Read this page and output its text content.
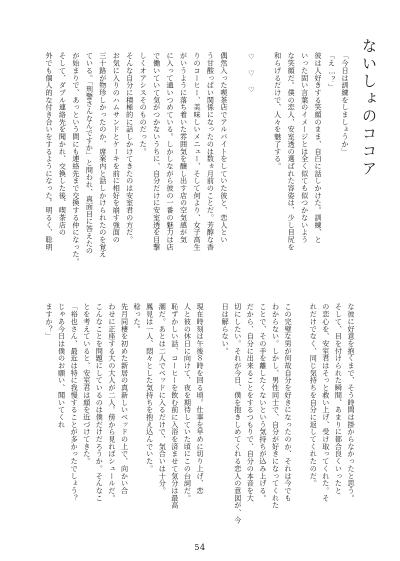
ないしょのココア
「今日は訓練をしましょうか」
「え…？」
彼は人好きする笑顔のまま、自白に話しかけた。訓練、と
いった固い言葉のイメージとは全く似ても似つかないよう
な笑顔だ。僕の恋人、安室透の選ばれた容姿は、少し目尻を
和らげるだけで、人々を魅了する。
♡　♡　♡
偶然入った喫茶店でアルバイトをしていた彼と、恋人とい
う甘酸っぱい関係になったのは数ヵ月前のことだ。芳醇な香
りのコーヒー、美味しいメニュー、そして何より、女子高生
がいうように落ち着いた雰囲気を醸し出す店の空気感が気
に入って通いつめている。しかしながら彼の一番の魅力は店
で働いていて気がつかないうちに、自分だけに安室透を目撃
しくオアシスそのものだった。
そんな自分に積極的に話しかけてきたのは安室君の方だ。
お気に入りのハムサンドとケーキを前に相好を崩す強面の
三十路が物珍しかったのか、席案内と話しかけられたのを覚え
ている。「刑警さんなんですか」と問われ、真面目に答えたの
が始まりで、あっという間にも連絡先まで交換する仲になった。
そして、ダブル連絡先を聞かれ、交換した後、喫茶店の
外でも個人的な付き合いをするようになった。明るく、聡明
な彼に好意を抱くまで、そう時間は掛からなかったと思う。
そして、目を付けられた瞬間、あまりに都合良くいったと
の恋心を、安室君はそっと救い上げ、受け取ってくれた。そ
れだけでなく、同じ気持ちを自分に返してくれたのだ。
この完璧な男が何故自分を好きになったのか、それは今でも
わからない。しかし、男性同士で、自分が好きになってくれた
ことで、その手を離したくないという気持ちが込み上げる。
だから、自分に出来ることをするつもりで、自分の本音を大
切にしたい。それが今日、僕を抱きしめてくれる恋人の意図が、今
日は解らない。
現在時刻は午後８時を回る頃。仕事を早めに切り上げ、恋
人と彼の休日に向けて、夜を期待していた頃にこの台詞だ。
恥ずかしい話、コーヒーを飲む前に入浴を済ませて気分は最高
潮だ。あとは二人でベッドに入るだけで、気合いは十分。
鳳見は一人、悶々とした気持ちを抱え込んでいた。
稔った。
先月同棲を初めた新居の真新しいベッドの上で、向かい合
わせに正座する大の大人が二人。傍から見ればシュールだ。
こんなことを問題にしているのは僕だけだろうか。そんなこ
とを考えていると、安室君は顔を近づけてきた。
「裕也さん、最近は特に我慢することが多かったでしょう？
じゃあ今日は僕のお願い、聞いてくれ
ますか？」
54
